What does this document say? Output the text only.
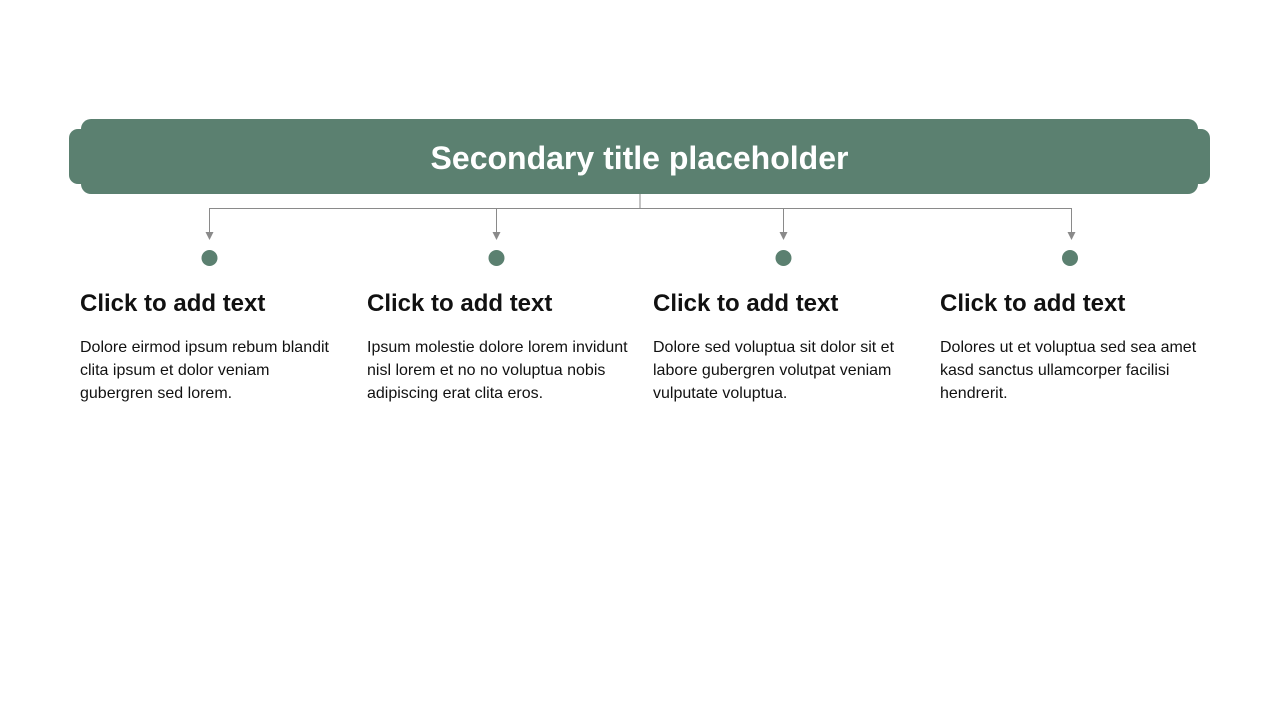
Secondary title placeholder

Click to add text

Dolore eirmod ipsum rebum blandit clita ipsum et dolor veniam gubergren sed lorem.

Click to add text

Ipsum molestie dolore lorem invidunt nisl lorem et no no voluptua nobis adipiscing erat clita eros.

Click to add text

Dolore sed voluptua sit dolor sit et labore gubergren volutpat veniam vulputate voluptua.

Click to add text

Dolores ut et voluptua sed sea amet kasd sanctus ullamcorper facilisi hendrerit.
